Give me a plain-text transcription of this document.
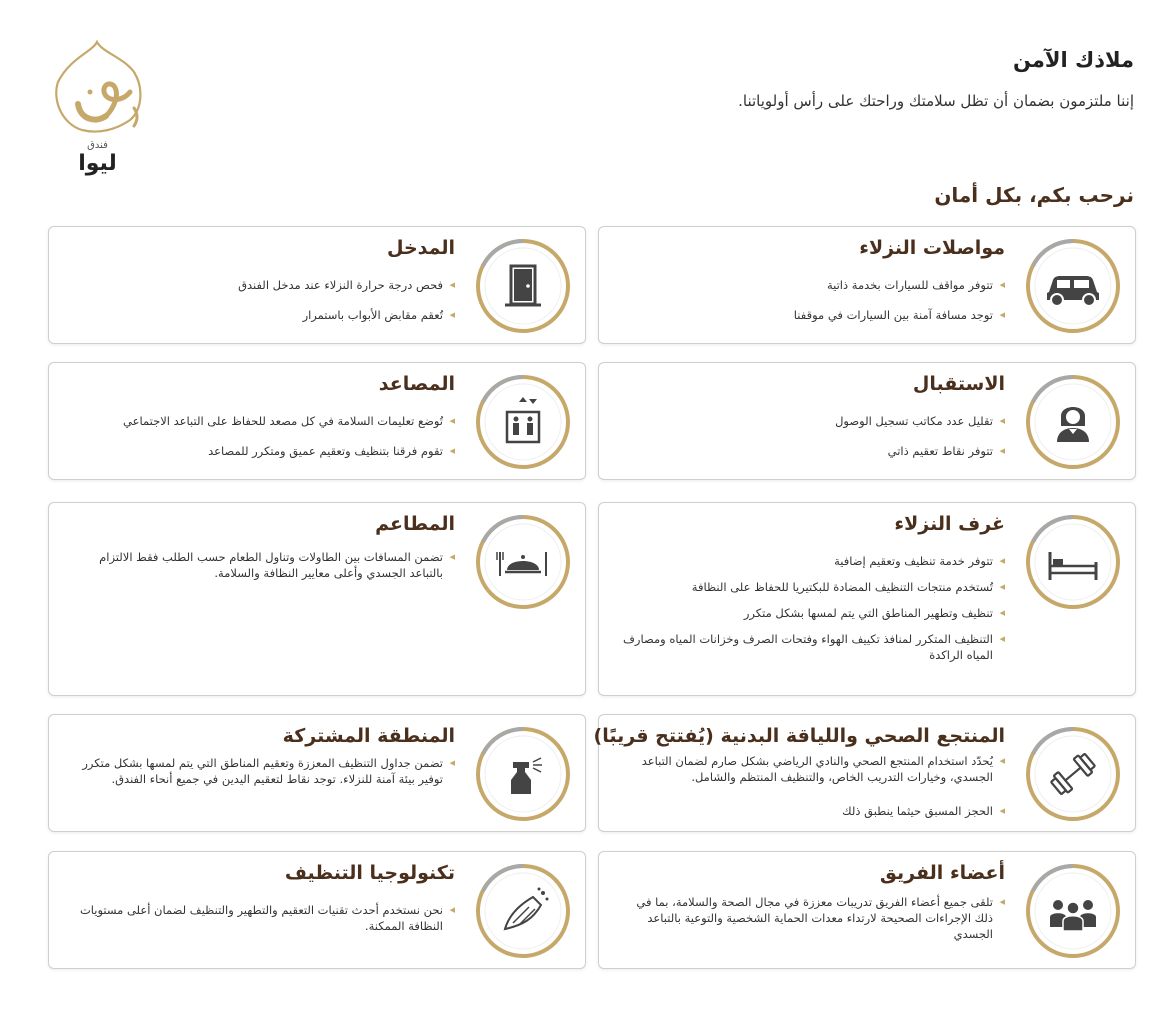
ملاذك الآمن
إننا ملتزمون بضمان أن تظل سلامتك وراحتك على رأس أولوياتنا.
نرحب بكم، بكل أمان
فندق
ليوا
مواصلات النزلاء
◂ تتوفر مواقف للسيارات بخدمة ذاتية
◂ توجد مسافة آمنة بين السيارات في موقفنا
المدخل
◂ فحص درجة حرارة النزلاء عند مدخل الفندق
◂ تُعقم مقابض الأبواب باستمرار
الاستقبال
◂ تقليل عدد مكاتب تسجيل الوصول
◂ تتوفر نقاط تعقيم ذاتي
المصاعد
◂ تُوضع تعليمات السلامة في كل مصعد للحفاظ على التباعد الاجتماعي
◂ تقوم فرقنا بتنظيف وتعقيم عميق ومتكرر للمصاعد
غرف النزلاء
◂ تتوفر خدمة تنظيف وتعقيم إضافية
◂ تُستخدم منتجات التنظيف المضادة للبكتيريا للحفاظ على النظافة
◂ تنظيف وتطهير المناطق التي يتم لمسها بشكل متكرر
◂ التنظيف المتكرر لمنافذ تكييف الهواء وفتحات الصرف وخزانات المياه ومصارف المياه الراكدة
المطاعم
◂ تضمن المسافات بين الطاولات وتناول الطعام حسب الطلب فقط الالتزام بالتباعد الجسدي وأعلى معايير النظافة والسلامة.
المنتجع الصحي واللياقة البدنية (يُفتتح قريبًا)
◂ يُحدّد استخدام المنتجع الصحي والنادي الرياضي بشكل صارم لضمان التباعد الجسدي، وخيارات التدريب الخاص، والتنظيف المنتظم والشامل.
◂ الحجز المسبق حيثما ينطبق ذلك
المنطقة المشتركة
◂ تضمن جداول التنظيف المعززة وتعقيم المناطق التي يتم لمسها بشكل متكرر توفير بيئة آمنة للنزلاء. توجد نقاط لتعقيم اليدين في جميع أنحاء الفندق.
أعضاء الفريق
◂ تلقى جميع أعضاء الفريق تدريبات معززة في مجال الصحة والسلامة، بما في ذلك الإجراءات الصحيحة لارتداء معدات الحماية الشخصية والتوعية بالتباعد الجسدي
تكنولوجيا التنظيف
◂ نحن نستخدم أحدث تقنيات التعقيم والتطهير والتنظيف لضمان أعلى مستويات النظافة الممكنة.
